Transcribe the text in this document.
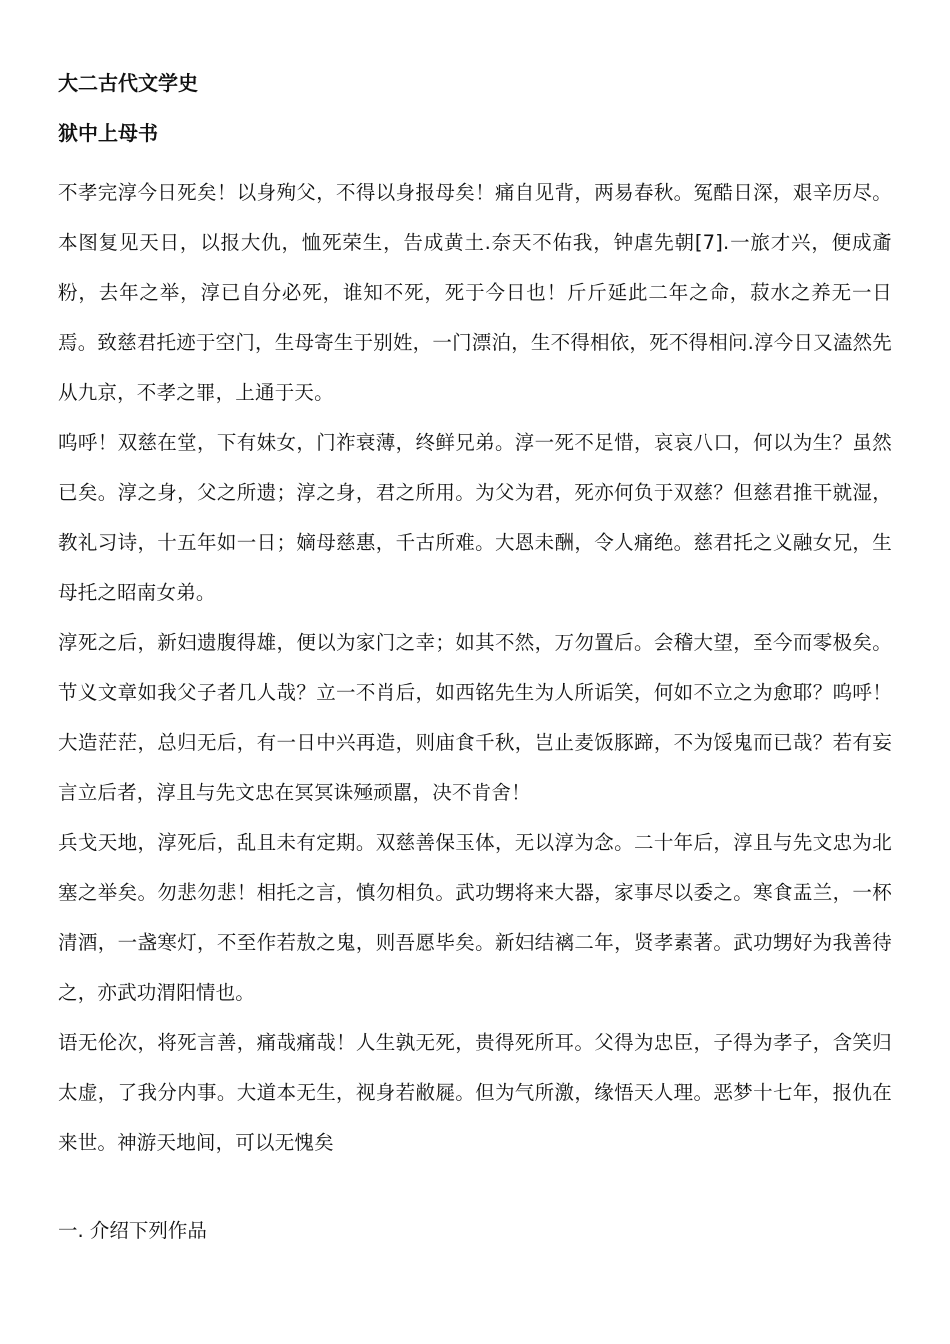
大二古代文学史

狱中上母书

不孝完淳今日死矣！以身殉父，不得以身报母矣！痛自见背，两易春秋。冤酷日深，艰辛历尽。本图复见天日，以报大仇，恤死荣生，告成黄土.奈天不佑我，钟虐先朝[7].一旅才兴，便成齑粉，去年之举，淳已自分必死，谁知不死，死于今日也！斤斤延此二年之命，菽水之养无一日焉。致慈君托迹于空门，生母寄生于别姓，一门漂泊，生不得相依，死不得相问.淳今日又溘然先从九京，不孝之罪，上通于天。

呜呼！双慈在堂，下有妹女，门祚衰薄，终鲜兄弟。淳一死不足惜，哀哀八口，何以为生？虽然已矣。淳之身，父之所遗；淳之身，君之所用。为父为君，死亦何负于双慈？但慈君推干就湿，教礼习诗，十五年如一日；嫡母慈惠，千古所难。大恩未酬，令人痛绝。慈君托之义融女兄，生母托之昭南女弟。

淳死之后，新妇遗腹得雄，便以为家门之幸；如其不然，万勿置后。会稽大望，至今而零极矣。节义文章如我父子者几人哉？立一不肖后，如西铭先生为人所诟笑，何如不立之为愈耶？呜呼！大造茫茫，总归无后，有一日中兴再造，则庙食千秋，岂止麦饭豚蹄，不为馁鬼而已哉？若有妄言立后者，淳且与先文忠在冥冥诛殛顽嚚，决不肯舍！

兵戈天地，淳死后，乱且未有定期。双慈善保玉体，无以淳为念。二十年后，淳且与先文忠为北塞之举矣。勿悲勿悲！相托之言，慎勿相负。武功甥将来大器，家事尽以委之。寒食盂兰，一杯清酒，一盏寒灯，不至作若敖之鬼，则吾愿毕矣。新妇结褵二年，贤孝素著。武功甥好为我善待之，亦武功渭阳情也。

语无伦次，将死言善，痛哉痛哉！人生孰无死，贵得死所耳。父得为忠臣，子得为孝子，含笑归太虚，了我分内事。大道本无生，视身若敝屣。但为气所激，缘悟天人理。恶梦十七年，报仇在来世。神游天地间，可以无愧矣

一. 介绍下列作品
